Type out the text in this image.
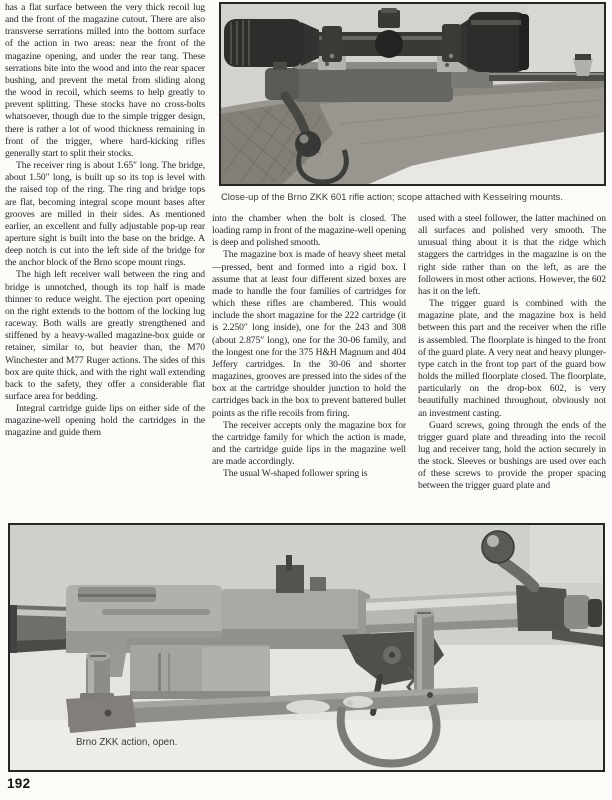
has a flat surface between the very thick recoil lug and the front of the magazine cutout. There are also transverse serrations milled into the bottom surface of the action in two areas: near the front of the magazine opening, and under the rear tang. These serrations bite into the wood and into the rear spacer bushing, and prevent the metal from sliding along the wood in recoil, which seems to help greatly to prevent splitting. These stocks have no cross-bolts whatsoever, though due to the simple trigger design, there is rather a lot of wood thickness remaining in front of the trigger, where hard-kicking rifles generally start to split their stocks.

The receiver ring is about 1.65″ long. The bridge, about 1.50″ long, is built up so its top is level with the raised top of the ring. The ring and bridge tops are flat, becoming integral scope mount bases after grooves are milled in their sides. As mentioned earlier, an excellent and fully adjustable pop-up rear aperture sight is built into the base on the bridge. A deep notch is cut into the left side of the bridge for the anchor block of the Brno scope mount rings.

The high left receiver wall between the ring and bridge is unnotched, though its top half is made thinner to reduce weight. The ejection port opening on the right extends to the bottom of the locking lug raceway. Both walls are greatly strengthened and stiffened by a heavy-walled magazine-box guide or retainer, similar to, but heavier than, the M70 Winchester and M77 Ruger actions. The sides of this box are quite thick, and with the right wall extending back to the safety, they offer a considerable flat surface area for bedding.

Integral cartridge guide lips on either side of the magazine-well opening hold the cartridges in the magazine and guide them

Close-up of the Brno ZKK 601 rifle action; scope attached with Kesselring mounts.

into the chamber when the bolt is closed. The loading ramp in front of the magazine-well opening is deep and polished smooth.

The magazine box is made of heavy sheet metal—pressed, bent and formed into a rigid box. I assume that at least four different sized boxes are made to handle the four families of cartridges for which these rifles are chambered. This would include the short magazine for the 222 cartridge (it is 2.250″ long inside), one for the 243 and 308 (about 2.875″ long), one for the 30-06 family, and the longest one for the 375 H&H Magnum and 404 Jeffery cartridges. In the 30-06 and shorter magazines, grooves are pressed into the sides of the box at the cartridge shoulder junction to hold the cartridges back in the box to prevent battered bullet points as the rifle recoils from firing.

The receiver accepts only the magazine box for the cartridge family for which the action is made, and the cartridge guide lips in the magazine well are made accordingly.

The usual W-shaped follower spring is

used with a steel follower, the latter machined on all surfaces and polished very smooth. The unusual thing about it is that the ridge which staggers the cartridges in the magazine is on the right side rather than on the left, as are the followers in most other actions. However, the 602 has it on the left.

The trigger guard is combined with the magazine plate, and the magazine box is held between this part and the receiver when the rifle is assembled. The floorplate is hinged to the front of the guard plate. A very neat and heavy plunger-type catch in the front top part of the guard bow holds the milled floorplate closed. The floorplate, particularly on the drop-box 602, is very beautifully machined throughout, obviously not an investment casting.

Guard screws, going through the ends of the trigger guard plate and threading into the recoil lug and receiver tang, hold the action securely in the stock. Sleeves or bushings are used over each of these screws to provide the proper spacing between the trigger guard plate and

Brno ZKK action, open.
192
